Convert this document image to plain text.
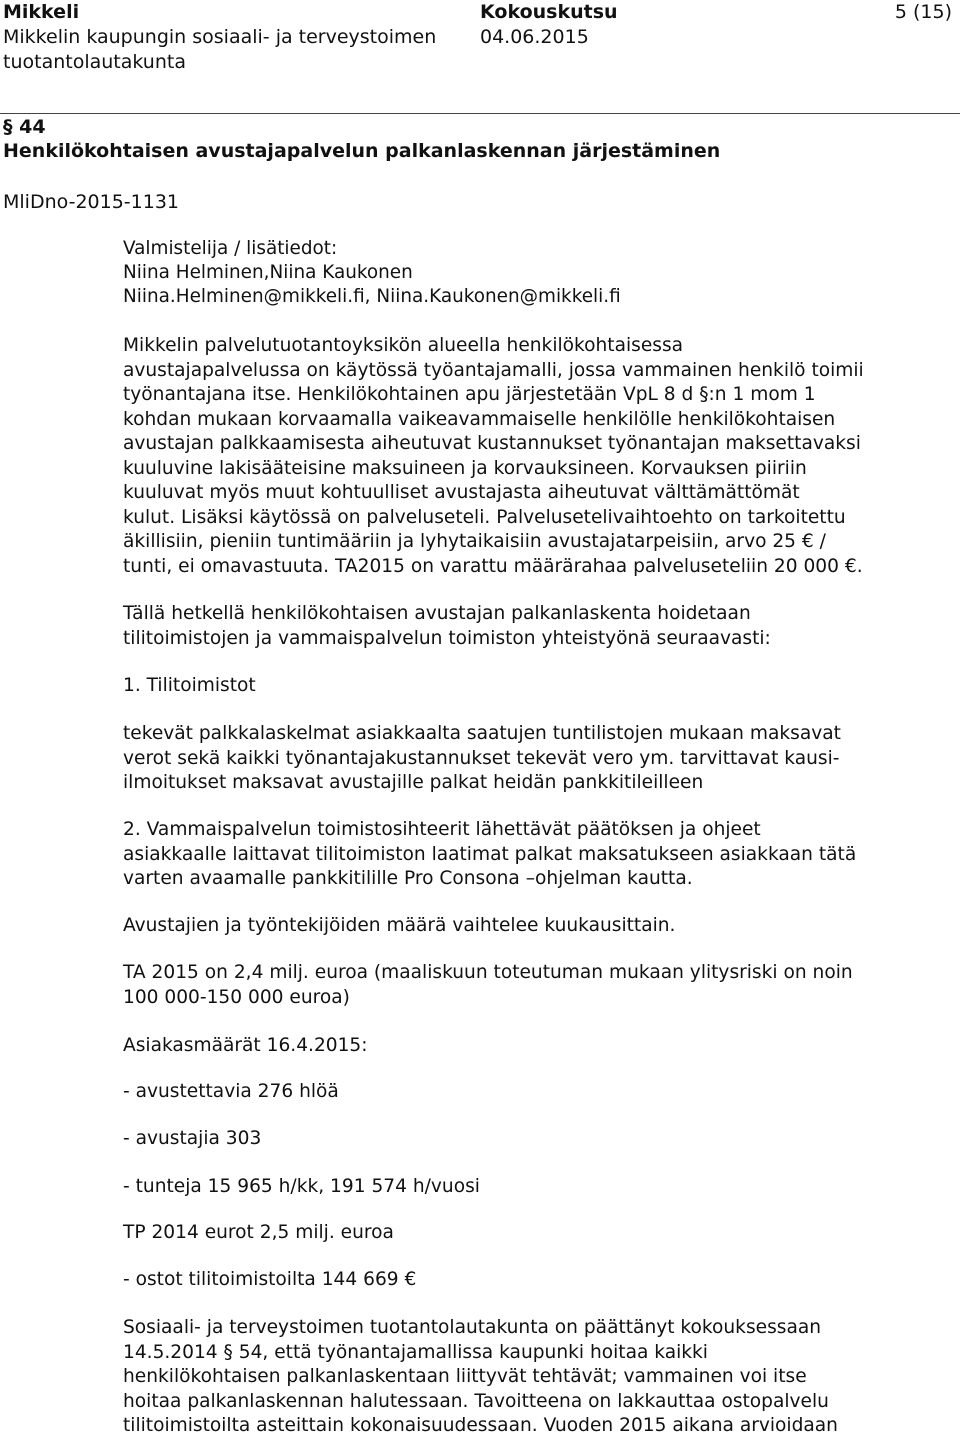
Mikkeli
Mikkelin kaupungin sosiaali- ja terveystoimen
tuotantolautakunta
Kokouskutsu
04.06.2015
5 (15)
§ 44
Henkilökohtaisen avustajapalvelun palkanlaskennan järjestäminen
MliDno-2015-1131
Valmistelija / lisätiedot:
Niina Helminen,Niina Kaukonen
Niina.Helminen@mikkeli.fi, Niina.Kaukonen@mikkeli.fi
Mikkelin palvelutuotantoyksikön alueella henkilökohtaisessa
avustajapalvelussa on käytössä työantajamalli, jossa vammainen henkilö toimii
työnantajana itse. Henkilökohtainen apu järjestetään VpL 8 d §:n 1 mom 1
kohdan mukaan korvaamalla vaikeavammaiselle henkilölle henkilökohtaisen
avustajan palkkaamisesta aiheutuvat kustannukset työnantajan maksettavaksi
kuuluvine lakisääteisine maksuineen ja korvauksineen. Korvauksen piiriin
kuuluvat myös muut kohtuulliset avustajasta aiheutuvat välttämättömät
kulut. Lisäksi käytössä on palveluseteli. Palvelusetelivaihtoehto on tarkoitettu
äkillisiin, pieniin tuntimääriin ja lyhytaikaisiin avustajatarpeisiin, arvo 25 € /
tunti, ei omavastuuta. TA2015 on varattu määrärahaa palveluseteliin 20 000 €.
Tällä hetkellä henkilökohtaisen avustajan palkanlaskenta hoidetaan
tilitoimistojen ja vammaispalvelun toimiston yhteistyönä seuraavasti:
1. Tilitoimistot
tekevät palkkalaskelmat asiakkaalta saatujen tuntilistojen mukaan maksavat
verot sekä kaikki työnantajakustannukset tekevät vero ym. tarvittavat kausi-
ilmoitukset maksavat avustajille palkat heidän pankkitileilleen
2. Vammaispalvelun toimistosihteerit lähettävät päätöksen ja ohjeet
asiakkaalle laittavat tilitoimiston laatimat palkat maksatukseen asiakkaan tätä
varten avaamalle pankkitilille Pro Consona –ohjelman kautta.
Avustajien ja työntekijöiden määrä vaihtelee kuukausittain.
TA 2015 on 2,4 milj. euroa (maaliskuun toteutuman mukaan ylitysriski on noin
100 000-150 000 euroa)
Asiakasmäärät 16.4.2015:
- avustettavia 276 hlöä
- avustajia 303
- tunteja 15 965 h/kk, 191 574 h/vuosi
TP 2014 eurot 2,5 milj. euroa
- ostot tilitoimistoilta 144 669 €
Sosiaali- ja terveystoimen tuotantolautakunta on päättänyt kokouksessaan
14.5.2014 § 54, että työnantajamallissa kaupunki hoitaa kaikki
henkilökohtaisen palkanlaskentaan liittyvät tehtävät; vammainen voi itse
hoitaa palkanlaskennan halutessaan. Tavoitteena on lakkauttaa ostopalvelu
tilitoimistoilta asteittain kokonaisuudessaan. Vuoden 2015 aikana arvioidaan
